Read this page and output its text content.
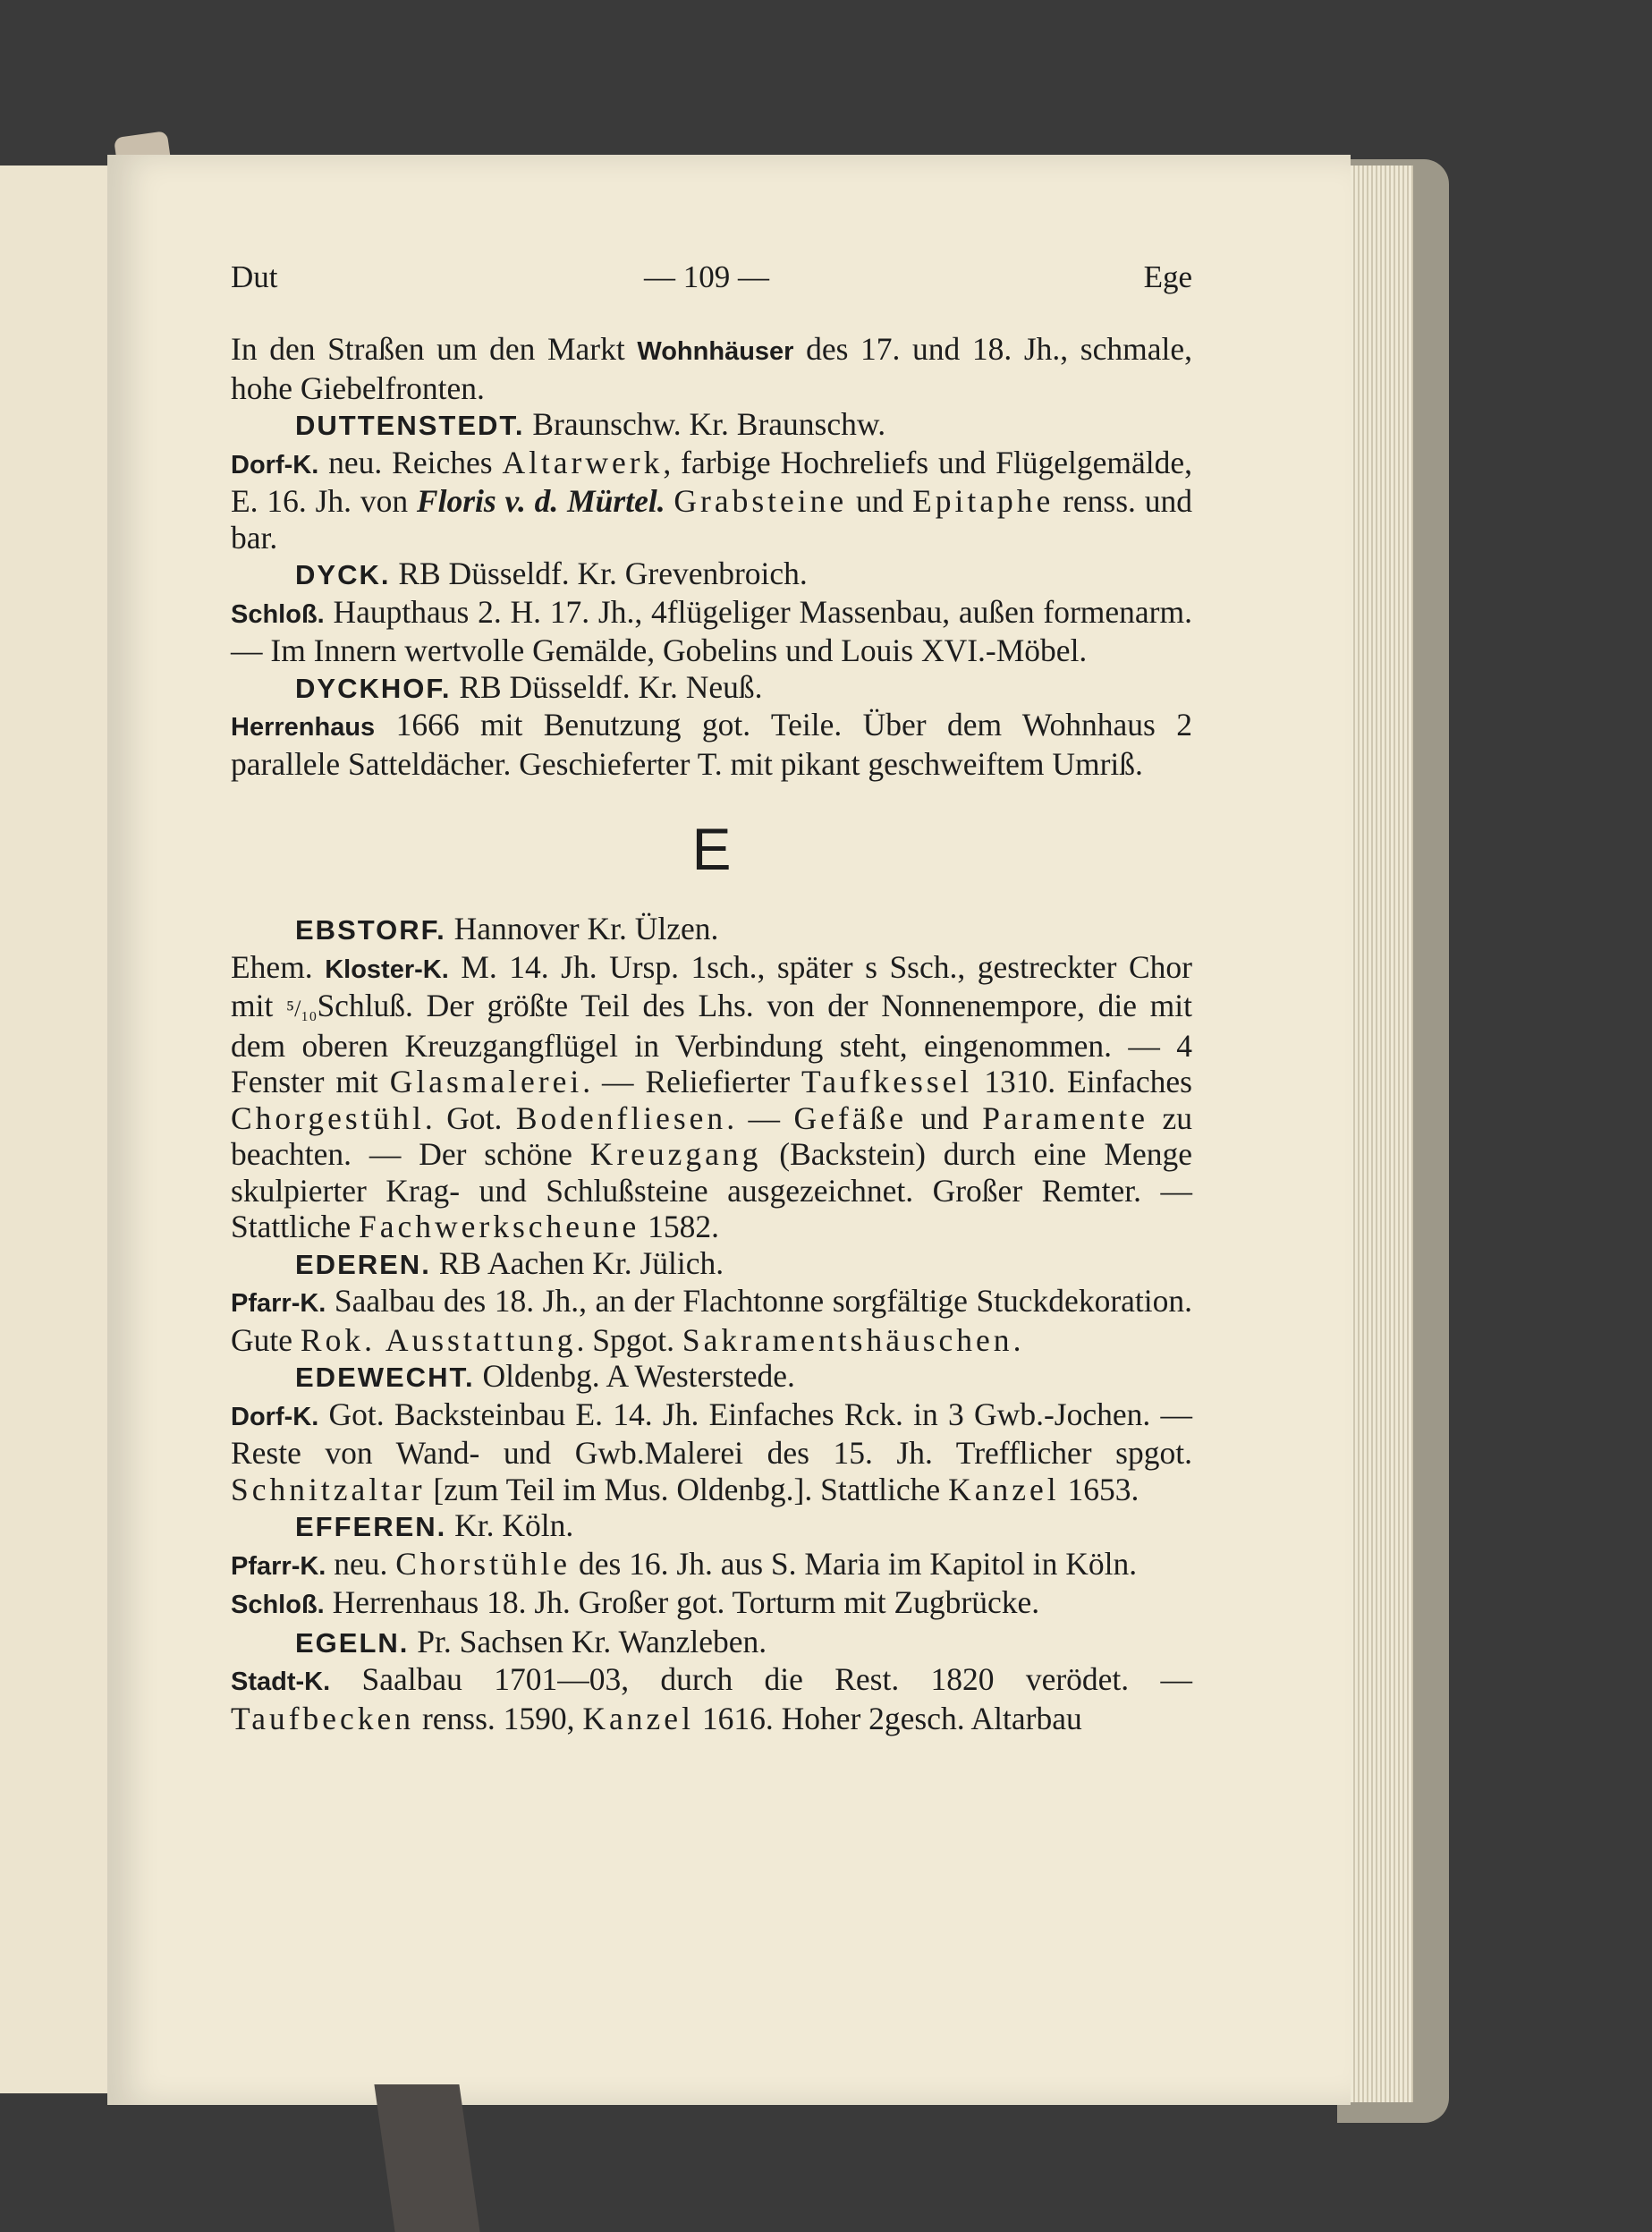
Dut	— 109 —	Ege

In den Straßen um den Markt Wohnhäuser des 17. und 18. Jh., schmale, hohe Giebelfronten.

DUTTENSTEDT. Braunschw. Kr. Braunschw.

Dorf-K. neu. Reiches Altarwerk, farbige Hochreliefs und Flügelgemälde, E. 16. Jh. von Floris v. d. Mürtel. Grabsteine und Epitaphe renss. und bar.

DYCK. RB Düsseldf. Kr. Grevenbroich.

Schloß. Haupthaus 2. H. 17. Jh., 4flügeliger Massenbau, außen formenarm. — Im Innern wertvolle Gemälde, Gobelins und Louis XVI.-Möbel.

DYCKHOF. RB Düsseldf. Kr. Neuß.

Herrenhaus 1666 mit Benutzung got. Teile. Über dem Wohnhaus 2 parallele Satteldächer. Geschieferter T. mit pikant geschweiftem Umriß.

E

EBSTORF. Hannover Kr. Ülzen.

Ehem. Kloster-K. M. 14. Jh. Ursp. 1sch., später s Ssch., gestreckter Chor mit ⁵/₁₀Schluß. Der größte Teil des Lhs. von der Nonnenempore, die mit dem oberen Kreuzgangflügel in Verbindung steht, eingenommen. — 4 Fenster mit Glasmalerei. — Reliefierter Taufkessel 1310. Einfaches Chorgestühl. Got. Bodenfliesen. — Gefäße und Paramente zu beachten. — Der schöne Kreuzgang (Backstein) durch eine Menge skulpierter Krag- und Schlußsteine ausgezeichnet. Großer Remter. — Stattliche Fachwerkscheune 1582.

EDEREN. RB Aachen Kr. Jülich.

Pfarr-K. Saalbau des 18. Jh., an der Flachtonne sorgfältige Stuckdekoration. Gute Rok. Ausstattung. Spgot. Sakramentshäuschen.

EDEWECHT. Oldenbg. A Westerstede.

Dorf-K. Got. Backsteinbau E. 14. Jh. Einfaches Rck. in 3 Gwb.-Jochen. — Reste von Wand- und Gwb.Malerei des 15. Jh. Trefflicher spgot. Schnitzaltar [zum Teil im Mus. Oldenbg.]. Stattliche Kanzel 1653.

EFFEREN. Kr. Köln.

Pfarr-K. neu. Chorstühle des 16. Jh. aus S. Maria im Kapitol in Köln.

Schloß. Herrenhaus 18. Jh. Großer got. Torturm mit Zugbrücke.

EGELN. Pr. Sachsen Kr. Wanzleben.

Stadt-K. Saalbau 1701—03, durch die Rest. 1820 verödet. — Taufbecken renss. 1590, Kanzel 1616. Hoher 2gesch. Altarbau
